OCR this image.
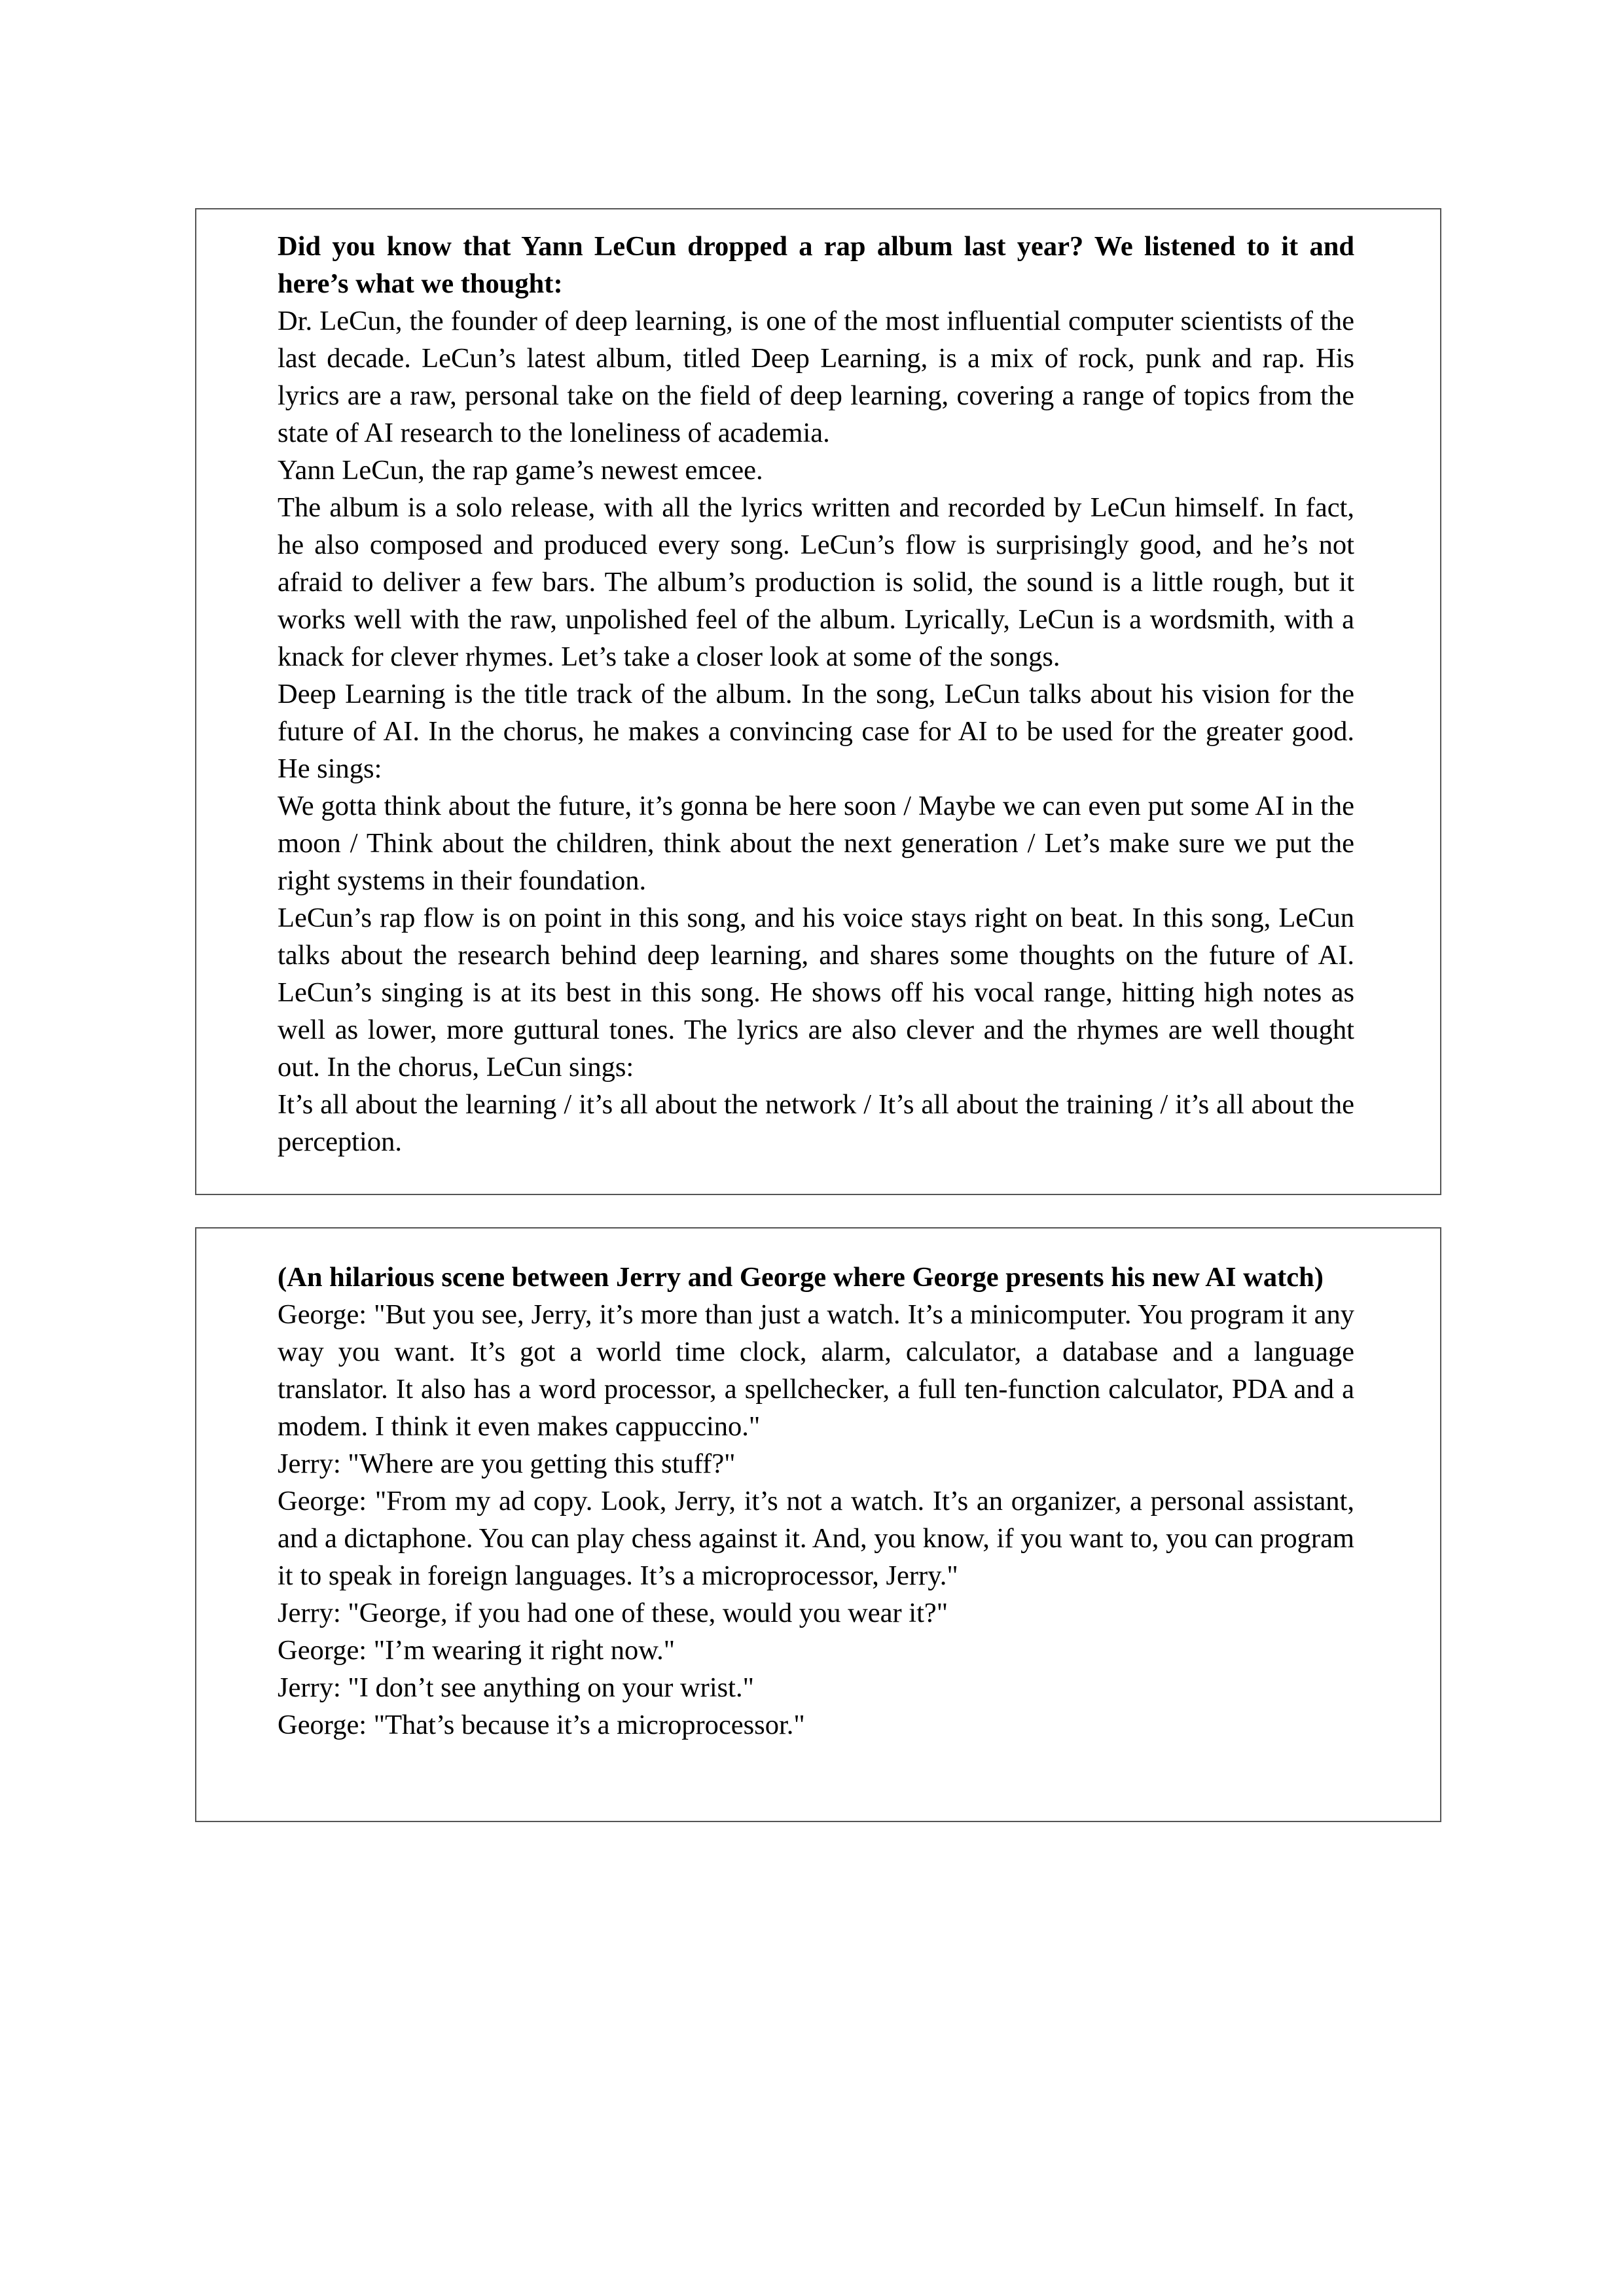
Did you know that Yann LeCun dropped a rap album last year? We listened to it and here’s what we thought:

Dr. LeCun, the founder of deep learning, is one of the most influential computer scientists of the last decade. LeCun’s latest album, titled Deep Learning, is a mix of rock, punk and rap. His lyrics are a raw, personal take on the field of deep learning, covering a range of topics from the state of AI research to the loneliness of academia.

Yann LeCun, the rap game’s newest emcee.

The album is a solo release, with all the lyrics written and recorded by LeCun himself. In fact, he also composed and produced every song. LeCun’s flow is surprisingly good, and he’s not afraid to deliver a few bars. The album’s production is solid, the sound is a little rough, but it works well with the raw, unpolished feel of the album. Lyrically, LeCun is a wordsmith, with a knack for clever rhymes. Let’s take a closer look at some of the songs.

Deep Learning is the title track of the album. In the song, LeCun talks about his vision for the future of AI. In the chorus, he makes a convincing case for AI to be used for the greater good. He sings:

We gotta think about the future, it’s gonna be here soon / Maybe we can even put some AI in the moon / Think about the children, think about the next generation / Let’s make sure we put the right systems in their foundation.

LeCun’s rap flow is on point in this song, and his voice stays right on beat. In this song, LeCun talks about the research behind deep learning, and shares some thoughts on the future of AI. LeCun’s singing is at its best in this song. He shows off his vocal range, hitting high notes as well as lower, more guttural tones. The lyrics are also clever and the rhymes are well thought out. In the chorus, LeCun sings:

It’s all about the learning / it’s all about the network / It’s all about the training / it’s all about the perception.

(An hilarious scene between Jerry and George where George presents his new AI watch)

George: "But you see, Jerry, it’s more than just a watch. It’s a minicomputer. You program it any way you want. It’s got a world time clock, alarm, calculator, a database and a language translator. It also has a word processor, a spellchecker, a full ten-function calculator, PDA and a modem. I think it even makes cappuccino."

Jerry: "Where are you getting this stuff?"

George: "From my ad copy. Look, Jerry, it’s not a watch. It’s an organizer, a personal assistant, and a dictaphone. You can play chess against it. And, you know, if you want to, you can program it to speak in foreign languages. It’s a microprocessor, Jerry."

Jerry: "George, if you had one of these, would you wear it?"

George: "I’m wearing it right now."

Jerry: "I don’t see anything on your wrist."

George: "That’s because it’s a microprocessor."
